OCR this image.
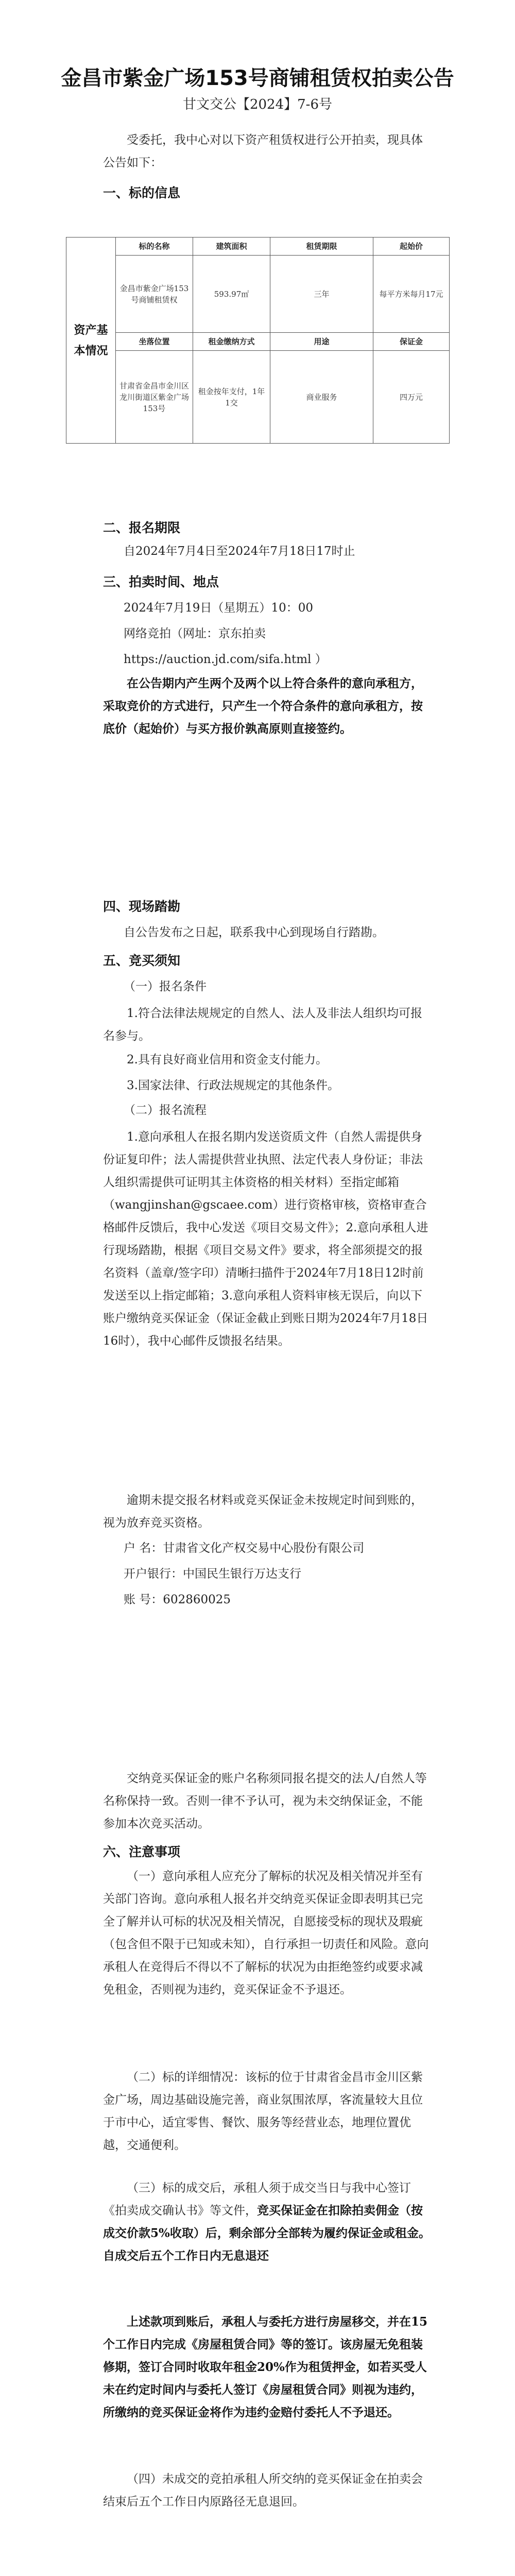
金昌市紫金广场153号商铺租赁权拍卖公告
甘文交公【2024】7-6号

受委托，我中心对以下资产租赁权进行公开拍卖，现具体公告如下：

一、标的信息

资产基本情况	标的名称	建筑面积	租赁期限	起始价
	金昌市紫金广场153号商铺租赁权	593.97㎡	三年	每平方米每月17元
	坐落位置	租金缴纳方式	用途	保证金
	甘肃省金昌市金川区龙川街道区紫金广场153号	租金按年支付，1年1交	商业服务	四万元

二、报名期限

自2024年7月4日至2024年7月18日17时止

三、拍卖时间、地点

2024年7月19日（星期五）10：00

网络竞拍（网址：京东拍卖

https://auction.jd.com/sifa.html ）

在公告期内产生两个及两个以上符合条件的意向承租方，采取竞价的方式进行，只产生一个符合条件的意向承租方，按底价（起始价）与买方报价孰高原则直接签约。

四、现场踏勘

自公告发布之日起，联系我中心到现场自行踏勘。

五、竞买须知

（一）报名条件

1.符合法律法规规定的自然人、法人及非法人组织均可报名参与。

2.具有良好商业信用和资金支付能力。

3.国家法律、行政法规规定的其他条件。

（二）报名流程

1.意向承租人在报名期内发送资质文件（自然人需提供身份证复印件；法人需提供营业执照、法定代表人身份证；非法人组织需提供可证明其主体资格的相关材料）至指定邮箱（wangjinshan@gscaee.com）进行资格审核，资格审查合格邮件反馈后，我中心发送《项目交易文件》；2.意向承租人进行现场踏勘，根据《项目交易文件》要求，将全部须提交的报名资料（盖章/签字印）清晰扫描件于2024年7月18日12时前发送至以上指定邮箱；3.意向承租人资料审核无误后，向以下账户缴纳竞买保证金（保证金截止到账日期为2024年7月18日16时），我中心邮件反馈报名结果。

逾期未提交报名材料或竞买保证金未按规定时间到账的，视为放弃竞买资格。

户 名：甘肃省文化产权交易中心股份有限公司

开户银行：中国民生银行万达支行

账 号：602860025

交纳竞买保证金的账户名称须同报名提交的法人/自然人等名称保持一致。否则一律不予认可，视为未交纳保证金，不能参加本次竞买活动。

六、注意事项

（一）意向承租人应充分了解标的状况及相关情况并至有关部门咨询。意向承租人报名并交纳竞买保证金即表明其已完全了解并认可标的状况及相关情况，自愿接受标的现状及瑕疵（包含但不限于已知或未知），自行承担一切责任和风险。意向承租人在竞得后不得以不了解标的状况为由拒绝签约或要求减免租金，否则视为违约，竞买保证金不予退还。

（二）标的详细情况：该标的位于甘肃省金昌市金川区紫金广场，周边基础设施完善，商业氛围浓厚，客流量较大且位于市中心，适宜零售、餐饮、服务等经营业态，地理位置优越，交通便利。

（三）标的成交后，承租人须于成交当日与我中心签订《拍卖成交确认书》等文件，竞买保证金在扣除拍卖佣金（按成交价款5%收取）后，剩余部分全部转为履约保证金或租金。自成交后五个工作日内无息退还

上述款项到账后，承租人与委托方进行房屋移交，并在15个工作日内完成《房屋租赁合同》等的签订。该房屋无免租装修期，签订合同时收取年租金20%作为租赁押金，如若买受人未在约定时间内与委托人签订《房屋租赁合同》则视为违约，所缴纳的竞买保证金将作为违约金赔付委托人不予退还。

（四）未成交的竞拍承租人所交纳的竞买保证金在拍卖会结束后五个工作日内原路径无息退回。
